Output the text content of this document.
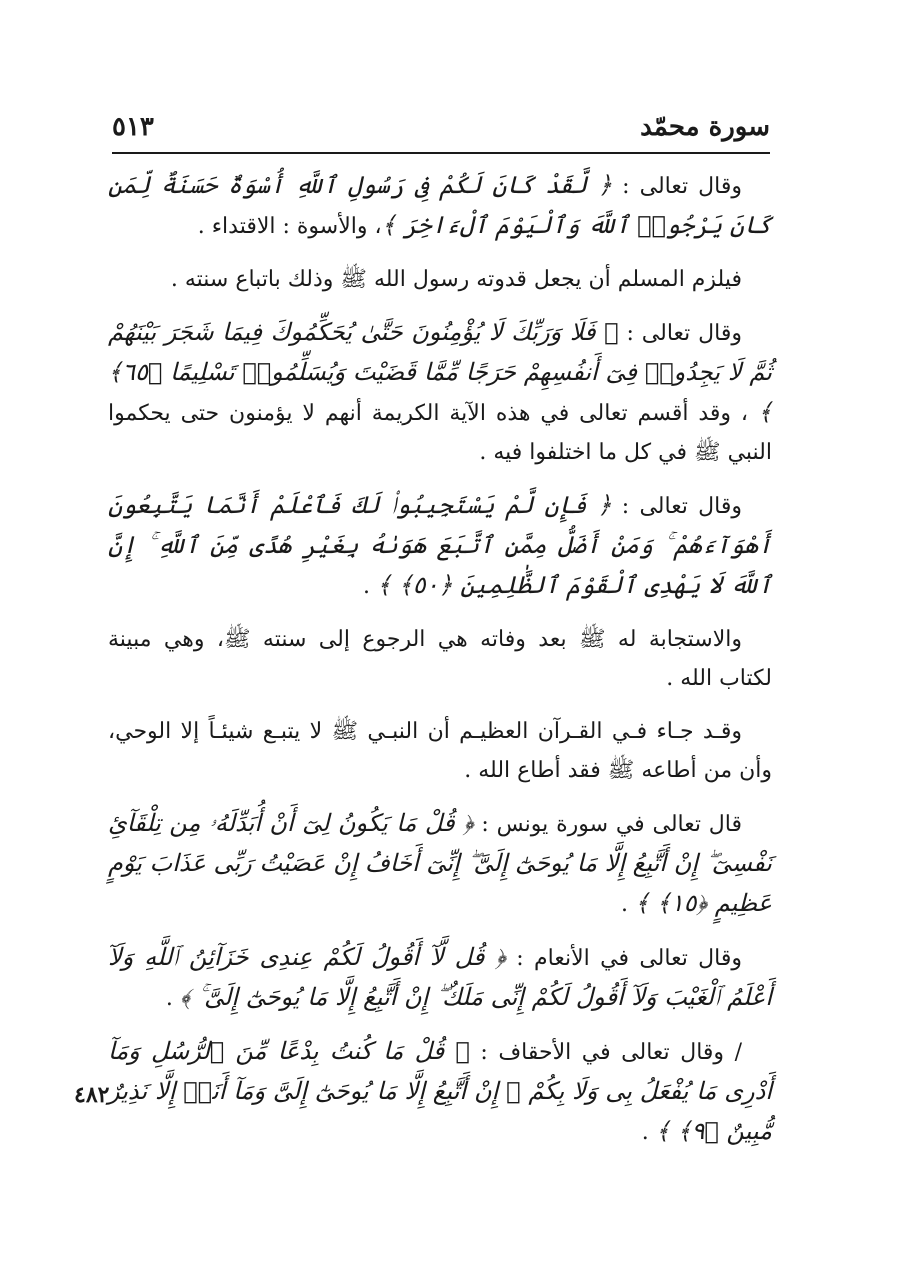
٥١٣	سورة محمّد

وقال تعالى : ﴿ لَّقَدْ كَانَ لَكُمْ فِى رَسُولِ ٱللَّهِ أُسْوَةٌ حَسَنَةٌ لِّمَن كَانَ يَرْجُوا۟ ٱللَّهَ وَٱلْيَوْمَ ٱلْءَاخِرَ ﴾، والأسوة : الاقتداء .

فيلزم المسلم أن يجعل قدوته رسول الله ﷺ وذلك باتباع سنته .

وقال تعالى : ﴿ فَلَا وَرَبِّكَ لَا يُؤْمِنُونَ حَتَّىٰ يُحَكِّمُوكَ فِيمَا شَجَرَ بَيْنَهُمْ ثُمَّ لَا يَجِدُوا۟ فِىٓ أَنفُسِهِمْ حَرَجًا مِّمَّا قَضَيْتَ وَيُسَلِّمُوا۟ تَسْلِيمًا ﴿٦٥﴾ ﴾ ، وقد أقسم تعالى في هذه الآية الكريمة أنهم لا يؤمنون حتى يحكموا النبي ﷺ في كل ما اختلفوا فيه .

وقال تعالى : ﴿ فَإِن لَّمْ يَسْتَجِيبُوا۟ لَكَ فَٱعْلَمْ أَنَّمَا يَتَّبِعُونَ أَهْوَآءَهُمْ ۚ وَمَنْ أَضَلُّ مِمَّنِ ٱتَّبَعَ هَوَىٰهُ بِغَيْرِ هُدًى مِّنَ ٱللَّهِ ۚ إِنَّ ٱللَّهَ لَا يَهْدِى ٱلْقَوْمَ ٱلظَّٰلِمِينَ ﴿٥٠﴾ ﴾ .

والاستجابة له ﷺ بعد وفاته هي الرجوع إلى سنته ﷺ، وهي مبينة لكتاب الله .

وقـد جـاء فـي القـرآن العظيـم أن النبـي ﷺ لا يتبـع شيئـاً إلا الوحي، وأن من أطاعه ﷺ فقد أطاع الله .

قال تعالى في سورة يونس : ﴿ قُلْ مَا يَكُونُ لِىٓ أَنْ أُبَدِّلَهُۥ مِن تِلْقَآئِ نَفْسِىٓ ۖ إِنْ أَتَّبِعُ إِلَّا مَا يُوحَىٰٓ إِلَىَّ ۖ إِنِّىٓ أَخَافُ إِنْ عَصَيْتُ رَبِّى عَذَابَ يَوْمٍ عَظِيمٍ ﴿١٥﴾ ﴾ .

وقال تعالى في الأنعام : ﴿ قُل لَّآ أَقُولُ لَكُمْ عِندِى خَزَآئِنُ ٱللَّهِ وَلَآ أَعْلَمُ ٱلْغَيْبَ وَلَآ أَقُولُ لَكُمْ إِنِّى مَلَكٌ ۖ إِنْ أَتَّبِعُ إِلَّا مَا يُوحَىٰٓ إِلَىَّ ۚ ﴾ .

/ وقال تعالى في الأحقاف : ﴿ قُلْ مَا كُنتُ بِدْعًا مِّنَ ٱلرُّسُلِ وَمَآ أَدْرِى مَا يُفْعَلُ بِى وَلَا بِكُمْ ۖ إِنْ أَتَّبِعُ إِلَّا مَا يُوحَىٰٓ إِلَىَّ وَمَآ أَنَا۠ إِلَّا نَذِيرٌ مُّبِينٌ ﴿٩﴾ ﴾ .

٤٨٢
